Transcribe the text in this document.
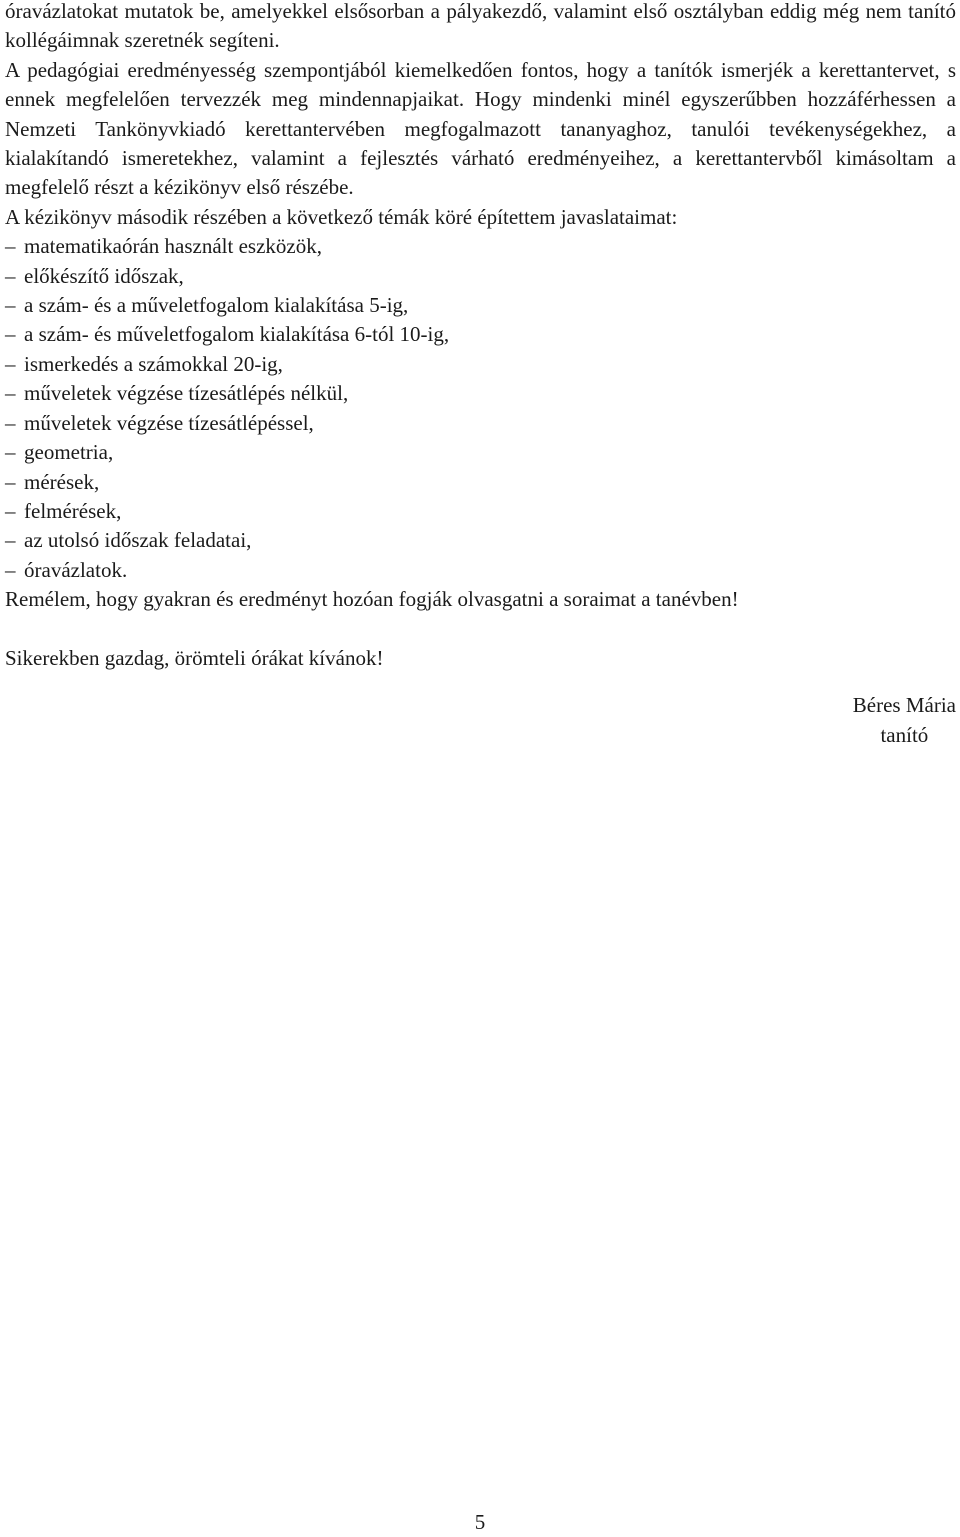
óravázlatokat mutatok be, amelyekkel elsősorban a pályakezdő, valamint első osztályban eddig még nem tanító kollégáimnak szeretnék segíteni.

A pedagógiai eredményesség szempontjából kiemelkedően fontos, hogy a tanítók ismerjék a kerettantervet, s ennek megfelelően tervezzék meg mindennapjaikat. Hogy mindenki minél egyszerűbben hozzáférhessen a Nemzeti Tankönyvkiadó kerettantervében megfogalmazott tananyaghoz, tanulói tevékenységekhez, a kialakítandó ismeretekhez, valamint a fejlesztés várható eredményeihez, a kerettantervből kimásoltam a megfelelő részt a kézikönyv első részébe.

A kézikönyv második részében a következő témák köré építettem javaslataimat:

– matematikaórán használt eszközök,
– előkészítő időszak,
– a szám- és a műveletfogalom kialakítása 5-ig,
– a szám- és műveletfogalom kialakítása 6-tól 10-ig,
– ismerkedés a számokkal 20-ig,
– műveletek végzése tízesátlépés nélkül,
– műveletek végzése tízesátlépéssel,
– geometria,
– mérések,
– felmérések,
– az utolsó időszak feladatai,
– óravázlatok.

Remélem, hogy gyakran és eredményt hozóan fogják olvasgatni a soraimat a tanévben!

Sikerekben gazdag, örömteli órákat kívánok!

Béres Mária
tanító
5
